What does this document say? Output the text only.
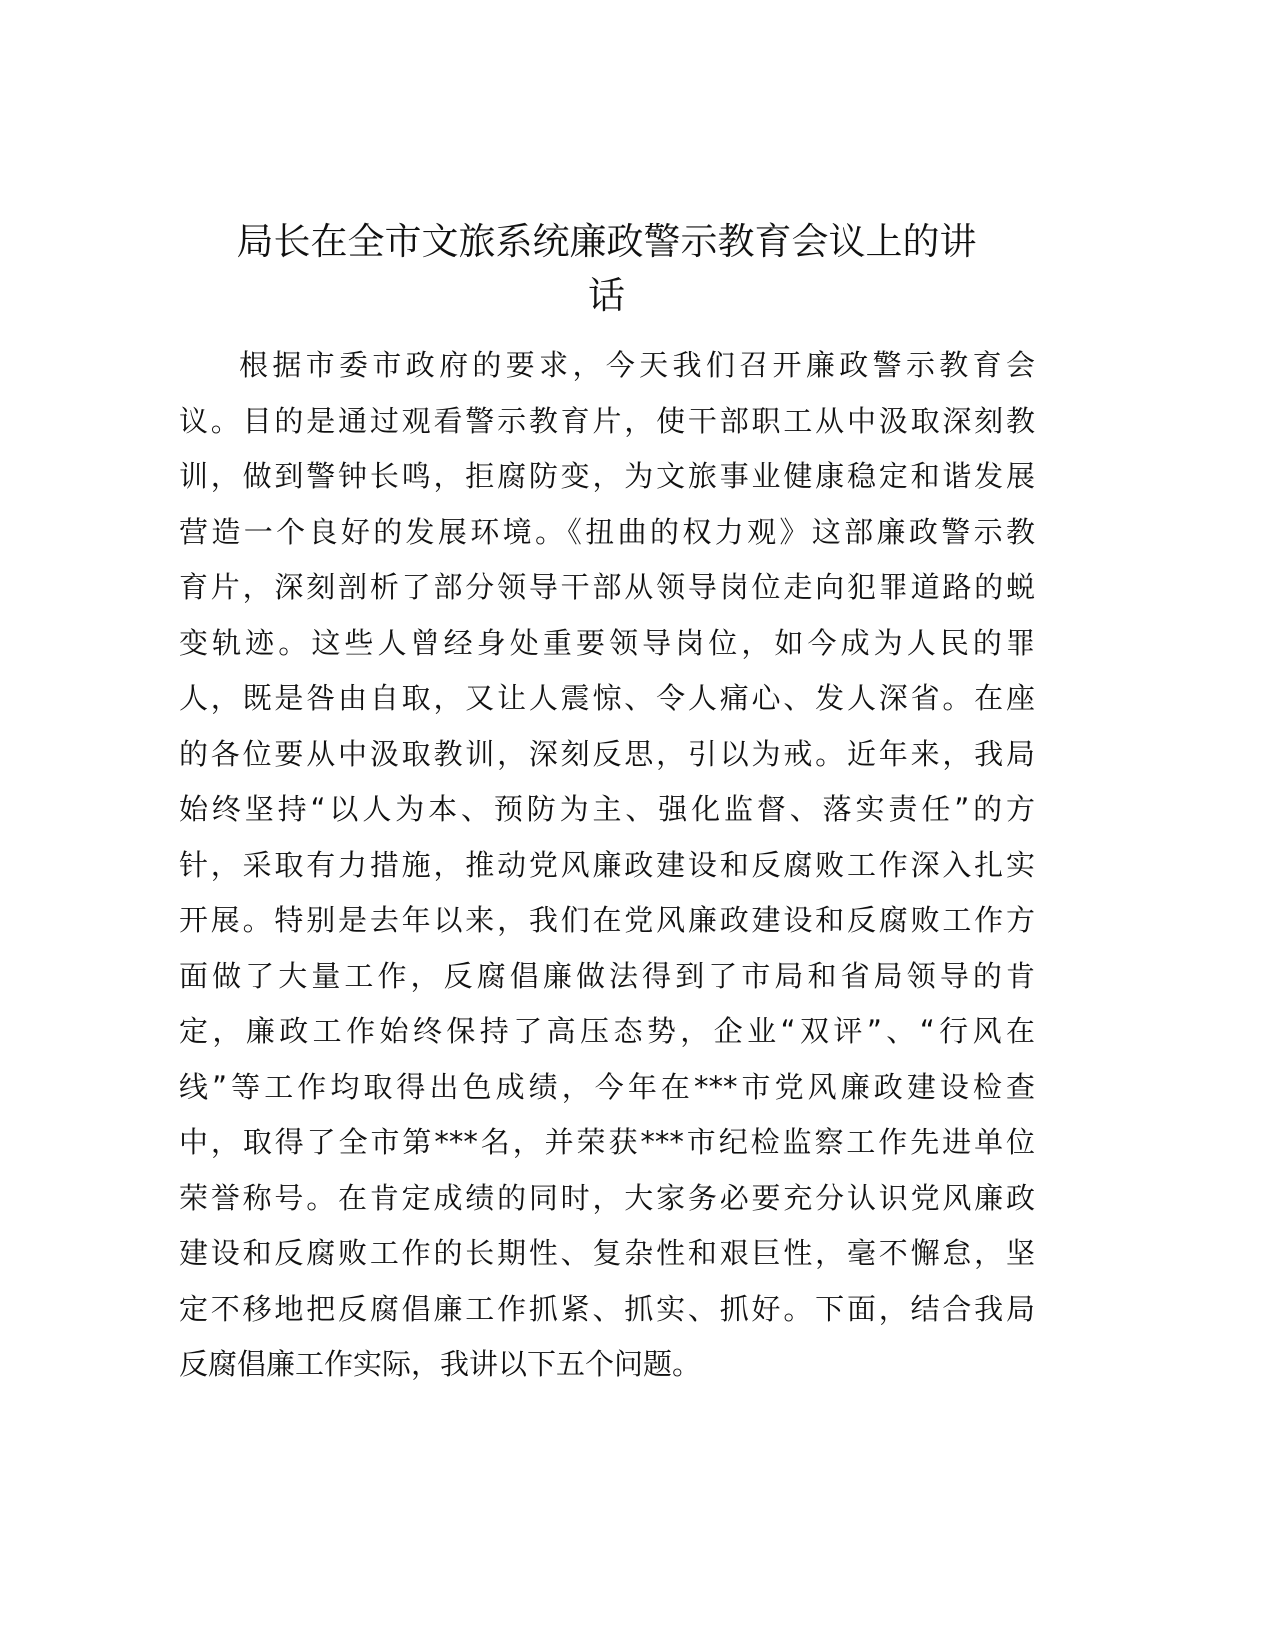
局长在全市文旅系统廉政警示教育会议上的讲
话
根据市委市政府的要求，今天我们召开廉政警示教育会
议。目的是通过观看警示教育片，使干部职工从中汲取深刻教
训，做到警钟长鸣，拒腐防变，为文旅事业健康稳定和谐发展
营造一个良好的发展环境。《扭曲的权力观》这部廉政警示教
育片，深刻剖析了部分领导干部从领导岗位走向犯罪道路的蜕
变轨迹。这些人曾经身处重要领导岗位，如今成为人民的罪
人，既是咎由自取，又让人震惊、令人痛心、发人深省。在座
的各位要从中汲取教训，深刻反思，引以为戒。近年来，我局
始终坚持“以人为本、预防为主、强化监督、落实责任”的方
针，采取有力措施，推动党风廉政建设和反腐败工作深入扎实
开展。特别是去年以来，我们在党风廉政建设和反腐败工作方
面做了大量工作，反腐倡廉做法得到了市局和省局领导的肯
定，廉政工作始终保持了高压态势，企业“双评”、“行风在
线”等工作均取得出色成绩，今年在***市党风廉政建设检查
中，取得了全市第***名，并荣获***市纪检监察工作先进单位
荣誉称号。在肯定成绩的同时，大家务必要充分认识党风廉政
建设和反腐败工作的长期性、复杂性和艰巨性，毫不懈怠，坚
定不移地把反腐倡廉工作抓紧、抓实、抓好。下面，结合我局
反腐倡廉工作实际，我讲以下五个问题。
